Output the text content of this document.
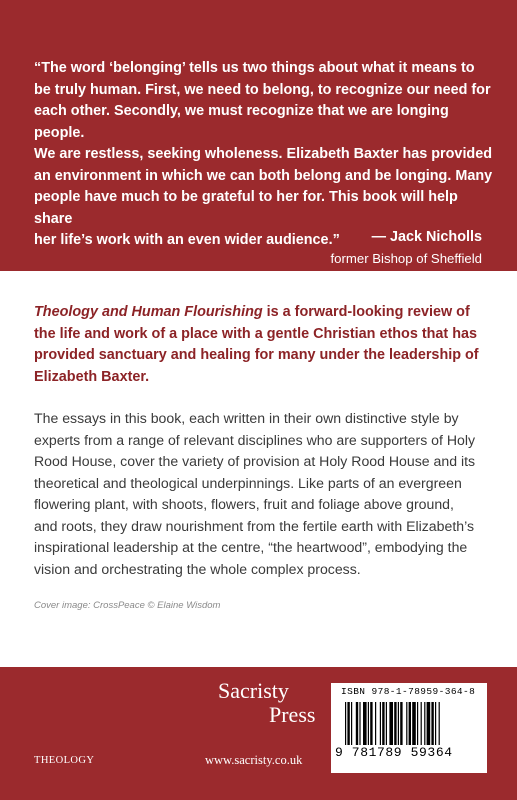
“The word ‘belonging’ tells us two things about what it means to
be truly human. First, we need to belong, to recognize our need for
each other. Secondly, we must recognize that we are longing people.
We are restless, seeking wholeness. Elizabeth Baxter has provided
an environment in which we can both belong and be longing. Many
people have much to be grateful to her for. This book will help share
her life’s work with an even wider audience.”	— Jack Nicholls
former Bishop of Sheffield
Theology and Human Flourishing is a forward-looking review of
the life and work of a place with a gentle Christian ethos that has
provided sanctuary and healing for many under the leadership of
Elizabeth Baxter.
The essays in this book, each written in their own distinctive style by
experts from a range of relevant disciplines who are supporters of Holy
Rood House, cover the variety of provision at Holy Rood House and its
theoretical and theological underpinnings. Like parts of an evergreen
flowering plant, with shoots, flowers, fruit and foliage above ground,
and roots, they draw nourishment from the fertile earth with Elizabeth’s
inspirational leadership at the centre, “the heartwood”, embodying the
vision and orchestrating the whole complex process.
Cover image: CrossPeace © Elaine Wisdom
Sacristy
Press
THEOLOGY	www.sacristy.co.uk
ISBN 978-1-78959-364-8
9 781789 59364
